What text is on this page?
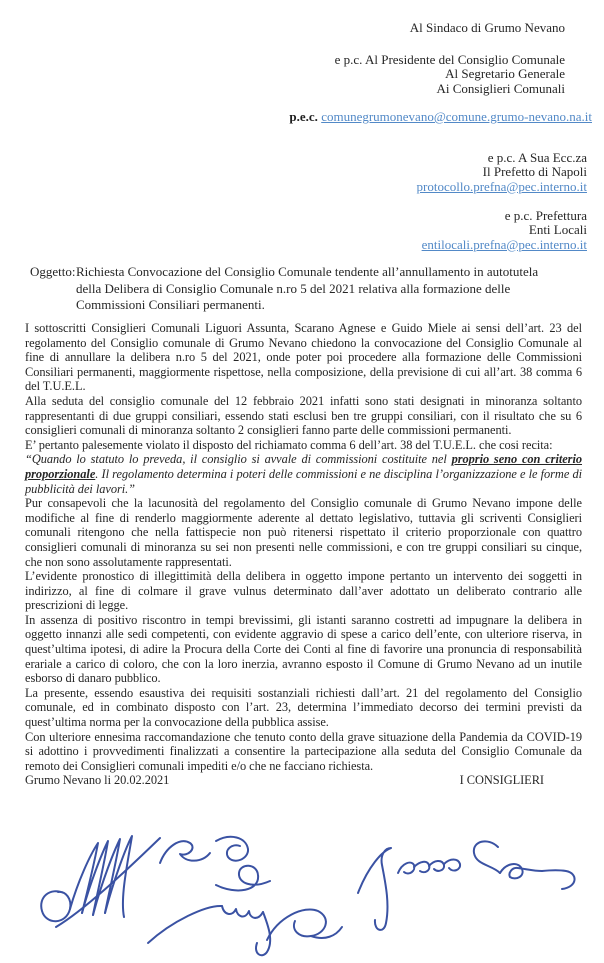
Al Sindaco di Grumo Nevano
e p.c. Al Presidente del Consiglio Comunale
Al Segretario Generale
Ai Consiglieri Comunali
p.e.c. comunegrumonevano@comune.grumo-nevano.na.it
e p.c. A Sua Ecc.za
Il Prefetto di Napoli
protocollo.prefna@pec.interno.it
e p.c. Prefettura
Enti Locali
entilocali.prefna@pec.interno.it
Oggetto: Richiesta Convocazione del Consiglio Comunale tendente all’annullamento in autotutela della Delibera di Consiglio Comunale n.ro 5 del 2021 relativa alla formazione delle Commissioni Consiliari permanenti.

I sottoscritti Consiglieri Comunali Liguori Assunta, Scarano Agnese e Guido Miele ai sensi dell’art. 23 del regolamento del Consiglio comunale di Grumo Nevano chiedono la convocazione del Consiglio Comunale al fine di annullare la delibera n.ro 5 del 2021, onde poter poi procedere alla formazione delle Commissioni Consiliari permanenti, maggiormente rispettose, nella composizione, della previsione di cui all’art. 38 comma 6 del T.U.E.L.

Alla seduta del consiglio comunale del 12 febbraio 2021 infatti sono stati designati in minoranza soltanto rappresentanti di due gruppi consiliari, essendo stati esclusi ben tre gruppi consiliari, con il risultato che su 6 consiglieri comunali di minoranza soltanto 2 consiglieri fanno parte delle commissioni permanenti.

E’ pertanto palesemente violato il disposto del richiamato comma 6 dell’art. 38 del T.U.E.L. che cosi recita:

“Quando lo statuto lo preveda, il consiglio si avvale di commissioni costituite nel proprio seno con criterio proporzionale. Il regolamento determina i poteri delle commissioni e ne disciplina l’organizzazione e le forme di pubblicità dei lavori.”

Pur consapevoli che la lacunosità del regolamento del Consiglio comunale di Grumo Nevano impone delle modifiche al fine di renderlo maggiormente aderente al dettato legislativo, tuttavia gli scriventi Consiglieri comunali ritengono che nella fattispecie non può ritenersi rispettato il criterio proporzionale con quattro consiglieri comunali di minoranza su sei non presenti nelle commissioni, e con tre gruppi consiliari su cinque, che non sono assolutamente rappresentati.

L’evidente pronostico di illegittimità della delibera in oggetto impone pertanto un intervento dei soggetti in indirizzo, al fine di colmare il grave vulnus determinato dall’aver adottato un deliberato contrario alle prescrizioni di legge.

In assenza di positivo riscontro in tempi brevissimi, gli istanti saranno costretti ad impugnare la delibera in oggetto innanzi alle sedi competenti, con evidente aggravio di spese a carico dell’ente, con ulteriore riserva, in quest’ultima ipotesi, di adire la Procura della Corte dei Conti al fine di favorire una pronuncia di responsabilità erariale a carico di coloro, che con la loro inerzia, avranno esposto il Comune di Grumo Nevano ad un inutile esborso di danaro pubblico.

La presente, essendo esaustiva dei requisiti sostanziali richiesti dall’art. 21 del regolamento del Consiglio comunale, ed in combinato disposto con l’art. 23, determina l’immediato decorso dei termini previsti da quest’ultima norma per la convocazione della pubblica assise.

Con ulteriore ennesima raccomandazione che tenuto conto della grave situazione della Pandemia da COVID-19 si adottino i provvedimenti finalizzati a consentire la partecipazione alla seduta del Consiglio Comunale da remoto dei Consiglieri comunali impediti e/o che ne facciano richiesta.

Grumo Nevano li 20.02.2021	I CONSIGLIERI
